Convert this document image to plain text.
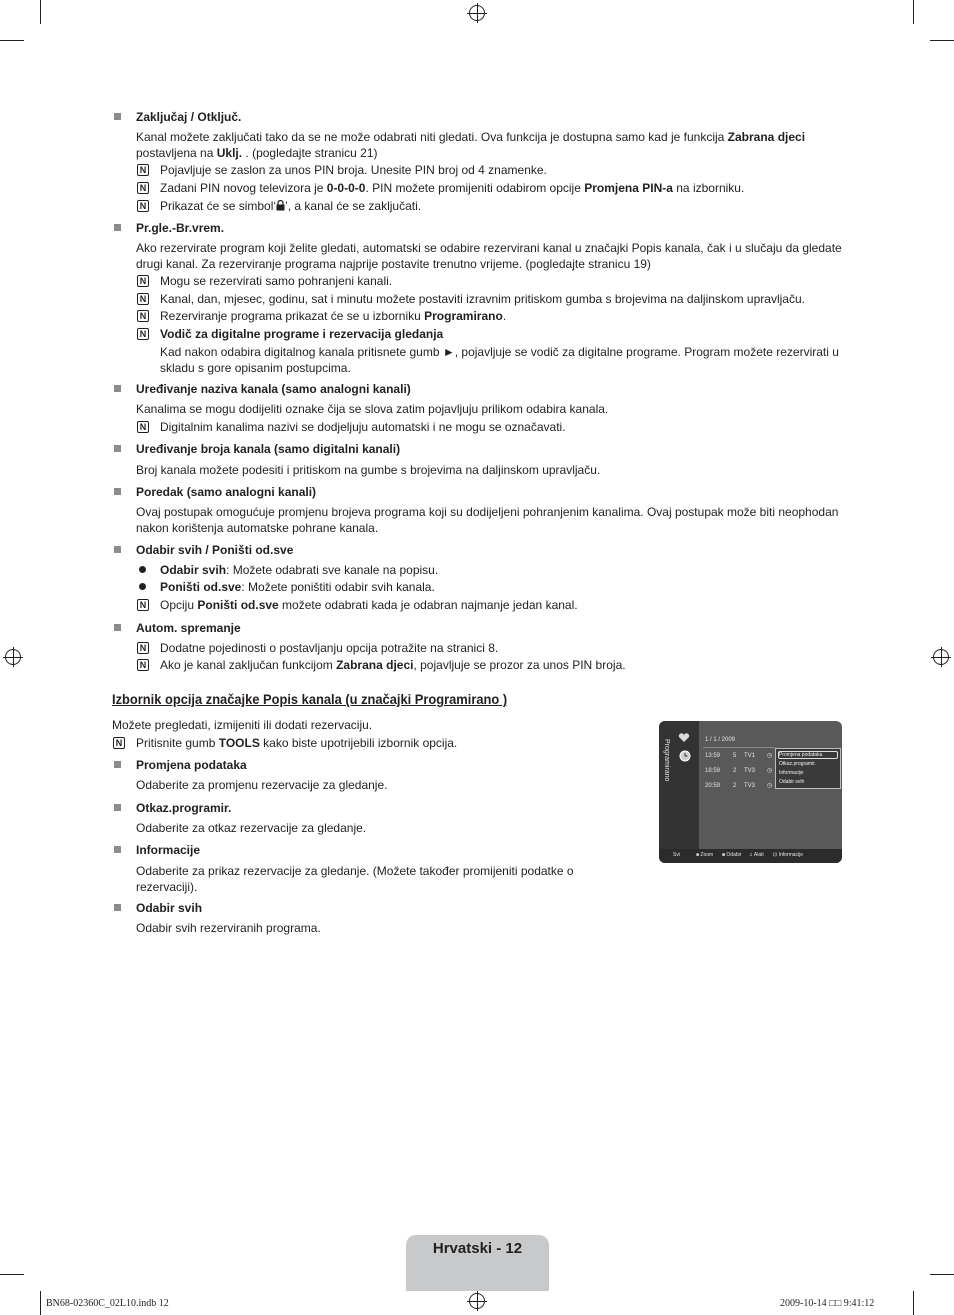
Zaključaj / Otključ.
Kanal možete zaključati tako da se ne može odabrati niti gledati. Ova funkcija je dostupna samo kad je funkcija Zabrana djeci postavljena na Uklj. . (pogledajte stranicu 21)
N Pojavljuje se zaslon za unos PIN broja. Unesite PIN broj od 4 znamenke.
N Zadani PIN novog televizora je 0-0-0-0. PIN možete promijeniti odabirom opcije Promjena PIN-a na izborniku.
N Prikazat će se simbol‘ ’, a kanal će se zaključati.
Pr.gle.-Br.vrem.
Ako rezervirate program koji želite gledati, automatski se odabire rezervirani kanal u značajki Popis kanala, čak i u slučaju da gledate drugi kanal. Za rezerviranje programa najprije postavite trenutno vrijeme. (pogledajte stranicu 19)
N Mogu se rezervirati samo pohranjeni kanali.
N Kanal, dan, mjesec, godinu, sat i minutu možete postaviti izravnim pritiskom gumba s brojevima na daljinskom upravljaču.
N Rezerviranje programa prikazat će se u izborniku Programirano.
N Vodič za digitalne programe i rezervacija gledanja
Kad nakon odabira digitalnog kanala pritisnete gumb ►, pojavljuje se vodič za digitalne programe. Program možete rezervirati u skladu s gore opisanim postupcima.
Uređivanje naziva kanala (samo analogni kanali)
Kanalima se mogu dodijeliti oznake čija se slova zatim pojavljuju prilikom odabira kanala.
N Digitalnim kanalima nazivi se dodjeljuju automatski i ne mogu se označavati.
Uređivanje broja kanala (samo digitalni kanali)
Broj kanala možete podesiti i pritiskom na gumbe s brojevima na daljinskom upravljaču.
Poredak (samo analogni kanali)
Ovaj postupak omogućuje promjenu brojeva programa koji su dodijeljeni pohranjenim kanalima. Ovaj postupak može biti neophodan nakon korištenja automatske pohrane kanala.
Odabir svih / Poništi od.sve
Odabir svih: Možete odabrati sve kanale na popisu.
Poništi od.sve: Možete poništiti odabir svih kanala.
N Opciju Poništi od.sve možete odabrati kada je odabran najmanje jedan kanal.
Autom. spremanje
N Dodatne pojedinosti o postavljanju opcija potražite na stranici 8.
N Ako je kanal zaključan funkcijom Zabrana djeci, pojavljuje se prozor za unos PIN broja.
Izbornik opcija značajke Popis kanala (u značajki Programirano )
Možete pregledati, izmijeniti ili dodati rezervaciju.
N Pritisnite gumb TOOLS kako biste upotrijebili izbornik opcija.
Promjena podataka
Odaberite za promjenu rezervacije za gledanje.
Otkaz.programir.
Odaberite za otkaz rezervacije za gledanje.
Informacije
Odaberite za prikaz rezervacije za gledanje. (Možete također promijeniti podatke o rezervaciji).
Odabir svih
Odabir svih rezerviranih programa.
Programirano	1 / 1 / 2009
13:59 5 TV1
18:59 2 TV3
20:59 2 TV3
◷
◷
◷
Promjena podataka
Otkaz.programir.
Informacije
Odabir svih
Svi	■ Zoom ■ Odabir ♫ Alati ⊡ Informacije
Hrvatski - 12
BN68-02360C_02L10.indb 12	2009-10-14 □□ 9:41:12
